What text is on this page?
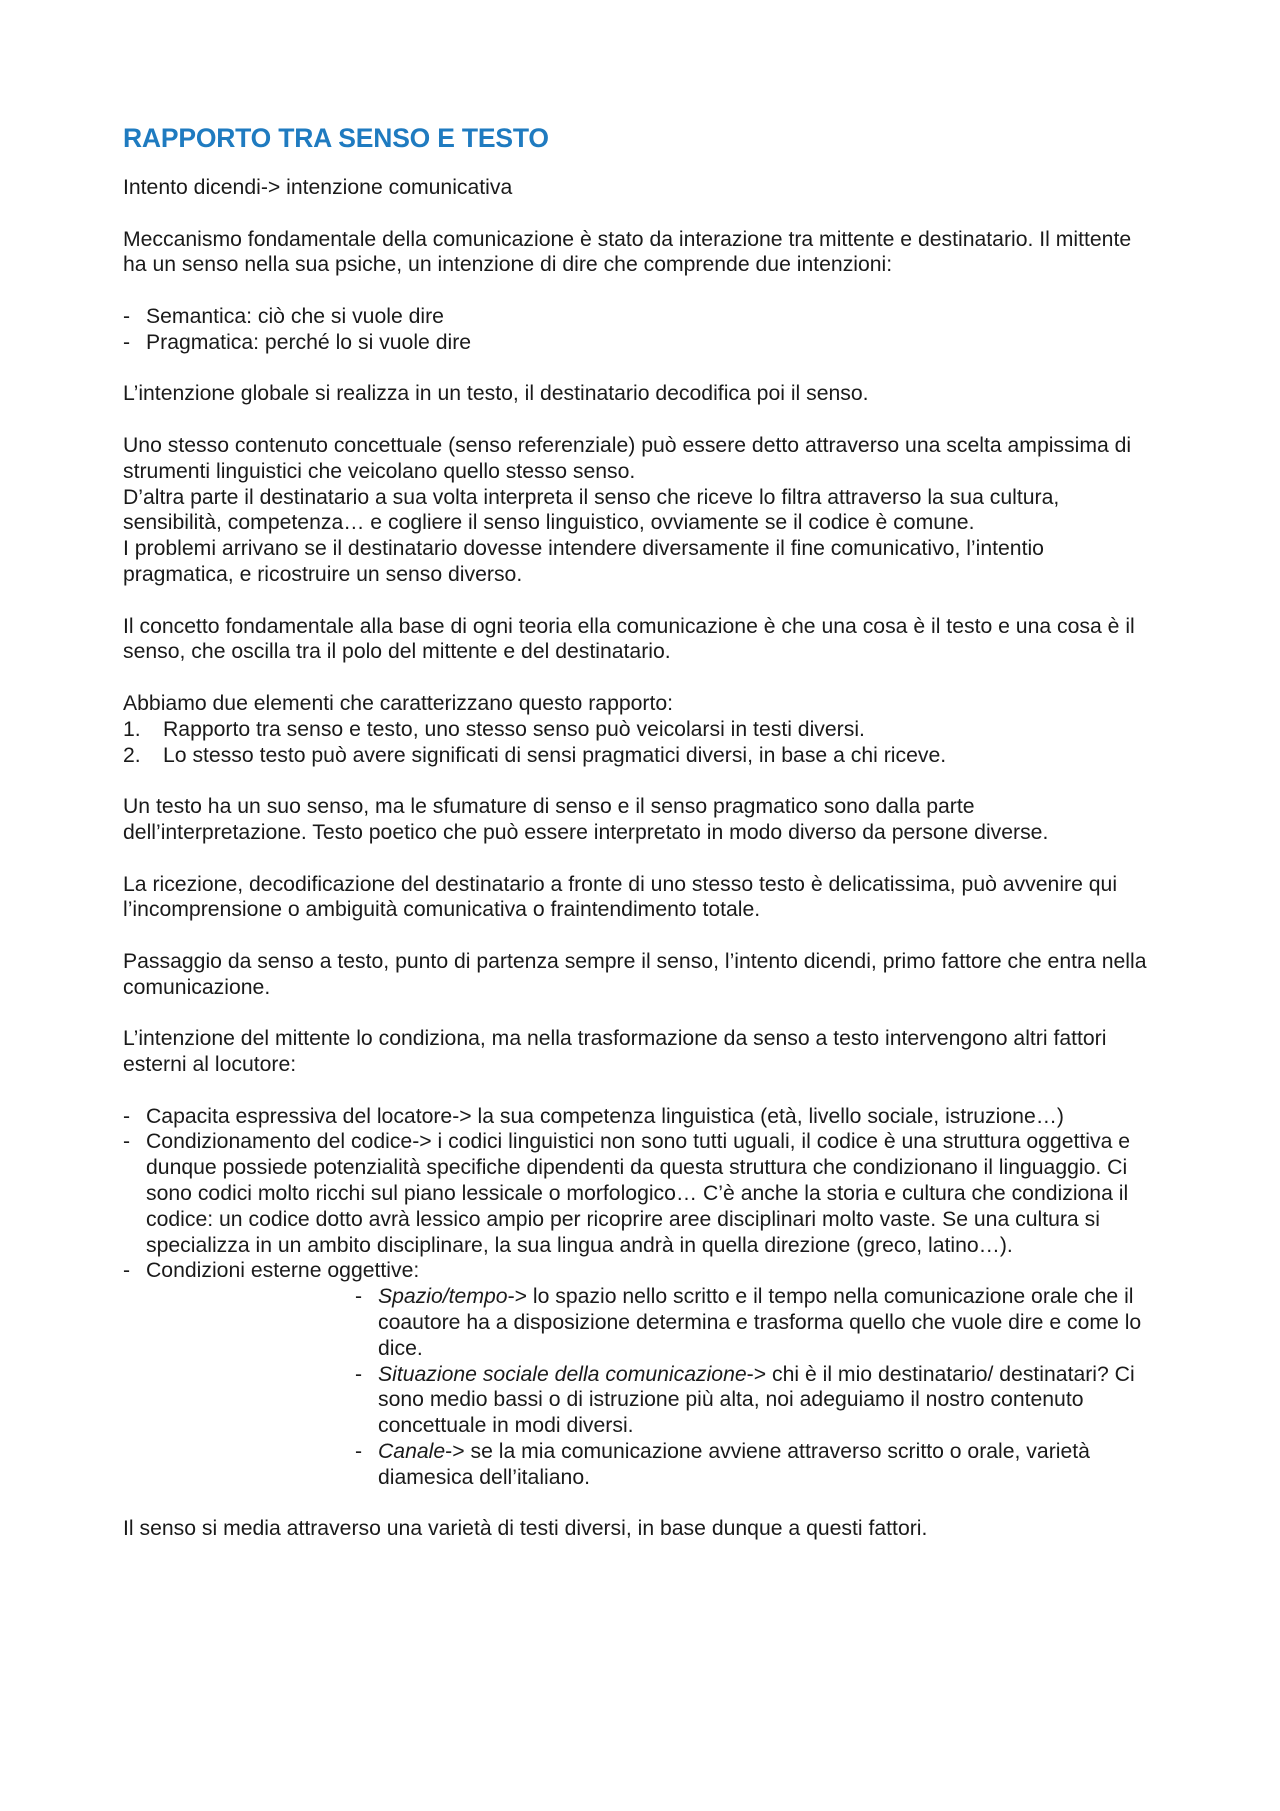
RAPPORTO TRA SENSO E TESTO

Intento dicendi-> intenzione comunicativa

Meccanismo fondamentale della comunicazione è stato da interazione tra mittente e destinatario. Il mittente ha un senso nella sua psiche, un intenzione di dire che comprende due intenzioni:

- Semantica: ciò che si vuole dire
- Pragmatica: perché lo si vuole dire

L’intenzione globale si realizza in un testo, il destinatario decodifica poi il senso.

Uno stesso contenuto concettuale (senso referenziale) può essere detto attraverso una scelta ampissima di strumenti linguistici che veicolano quello stesso senso.

D’altra parte il destinatario a sua volta interpreta il senso che riceve lo filtra attraverso la sua cultura, sensibilità, competenza… e cogliere il senso linguistico, ovviamente se il codice è comune.

I problemi arrivano se il destinatario dovesse intendere diversamente il fine comunicativo, l’intentio pragmatica, e ricostruire un senso diverso.

Il concetto fondamentale alla base di ogni teoria ella comunicazione è che una cosa è il testo e una cosa è il senso, che oscilla tra il polo del mittente e del destinatario.

Abbiamo due elementi che caratterizzano questo rapporto:

1. Rapporto tra senso e testo, uno stesso senso può veicolarsi in testi diversi.
2. Lo stesso testo può avere significati di sensi pragmatici diversi, in base a chi riceve.

Un testo ha un suo senso, ma le sfumature di senso e il senso pragmatico sono dalla parte dell’interpretazione. Testo poetico che può essere interpretato in modo diverso da persone diverse.

La ricezione, decodificazione del destinatario a fronte di uno stesso testo è delicatissima, può avvenire qui l’incomprensione o ambiguità comunicativa o fraintendimento totale.

Passaggio da senso a testo, punto di partenza sempre il senso, l’intento dicendi, primo fattore che entra nella comunicazione.

L’intenzione del mittente lo condiziona, ma nella trasformazione da senso a testo intervengono altri fattori esterni al locutore:

- Capacita espressiva del locatore-> la sua competenza linguistica (età, livello sociale, istruzione…)
- Condizionamento del codice-> i codici linguistici non sono tutti uguali, il codice è una struttura oggettiva e dunque possiede potenzialità specifiche dipendenti da questa struttura che condizionano il linguaggio. Ci sono codici molto ricchi sul piano lessicale o morfologico… C’è anche la storia e cultura che condiziona il codice: un codice dotto avrà lessico ampio per ricoprire aree disciplinari molto vaste. Se una cultura si specializza in un ambito disciplinare, la sua lingua andrà in quella direzione (greco, latino…).
- Condizioni esterne oggettive:
- Spazio/tempo-> lo spazio nello scritto e il tempo nella comunicazione orale che il coautore ha a disposizione determina e trasforma quello che vuole dire e come lo dice.
- Situazione sociale della comunicazione-> chi è il mio destinatario/ destinatari? Ci sono medio bassi o di istruzione più alta, noi adeguiamo il nostro contenuto concettuale in modi diversi.
- Canale-> se la mia comunicazione avviene attraverso scritto o orale, varietà diamesica dell’italiano.

Il senso si media attraverso una varietà di testi diversi, in base dunque a questi fattori.
